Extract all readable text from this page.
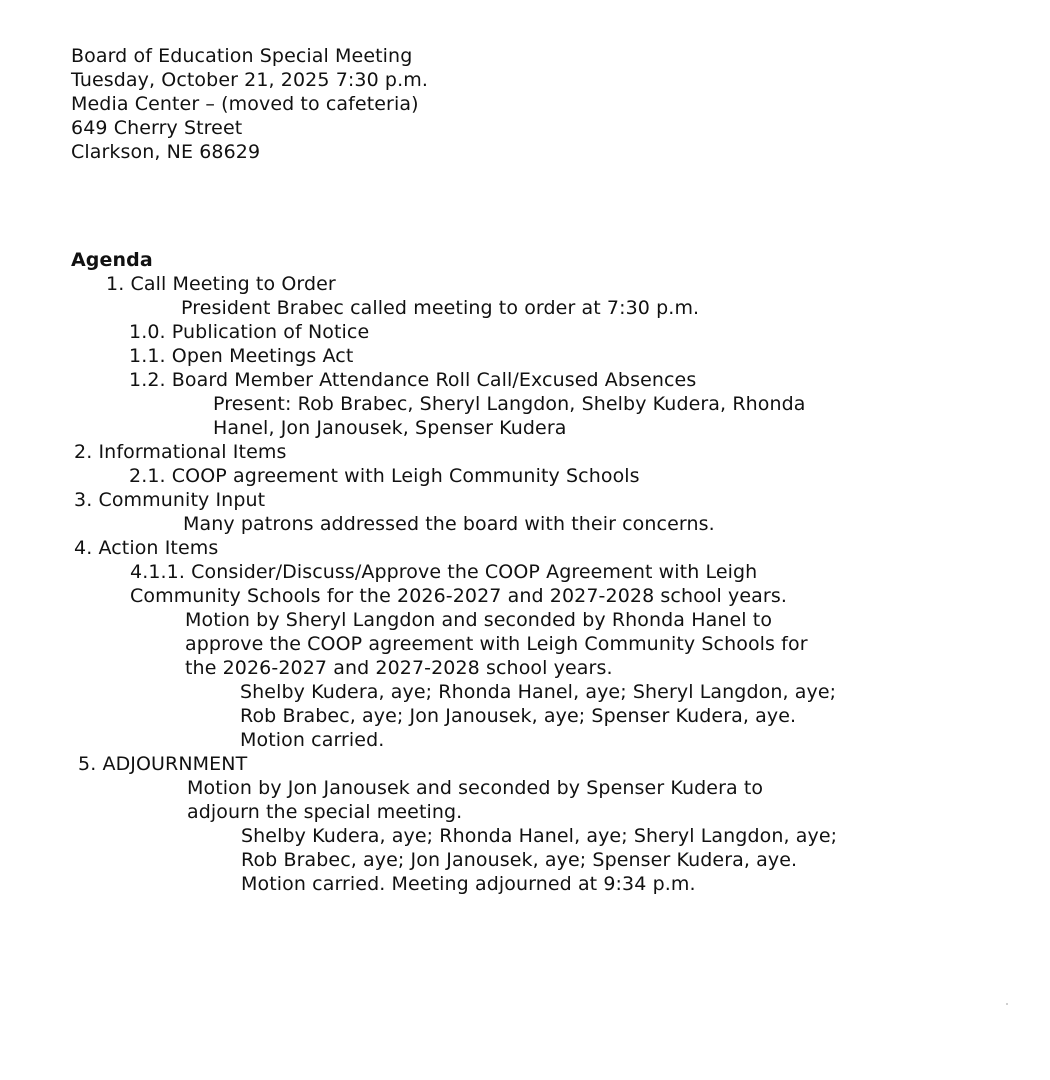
Board of Education Special Meeting
Tuesday, October 21, 2025 7:30 p.m.
Media Center – (moved to cafeteria)
649 Cherry Street
Clarkson, NE 68629
Agenda
1. Call Meeting to Order
President Brabec called meeting to order at 7:30 p.m.
1.0. Publication of Notice
1.1. Open Meetings Act
1.2. Board Member Attendance Roll Call/Excused Absences
Present: Rob Brabec, Sheryl Langdon, Shelby Kudera, Rhonda
Hanel, Jon Janousek, Spenser Kudera
2. Informational Items
2.1. COOP agreement with Leigh Community Schools
3. Community Input
Many patrons addressed the board with their concerns.
4. Action Items
4.1.1. Consider/Discuss/Approve the COOP Agreement with Leigh
Community Schools for the 2026-2027 and 2027-2028 school years.
Motion by Sheryl Langdon and seconded by Rhonda Hanel to
approve the COOP agreement with Leigh Community Schools for
the 2026-2027 and 2027-2028 school years.
Shelby Kudera, aye; Rhonda Hanel, aye; Sheryl Langdon, aye;
Rob Brabec, aye; Jon Janousek, aye; Spenser Kudera, aye.
Motion carried.
5. ADJOURNMENT
Motion by Jon Janousek and seconded by Spenser Kudera to
adjourn the special meeting.
Shelby Kudera, aye; Rhonda Hanel, aye; Sheryl Langdon, aye;
Rob Brabec, aye; Jon Janousek, aye; Spenser Kudera, aye.
Motion carried. Meeting adjourned at 9:34 p.m.
